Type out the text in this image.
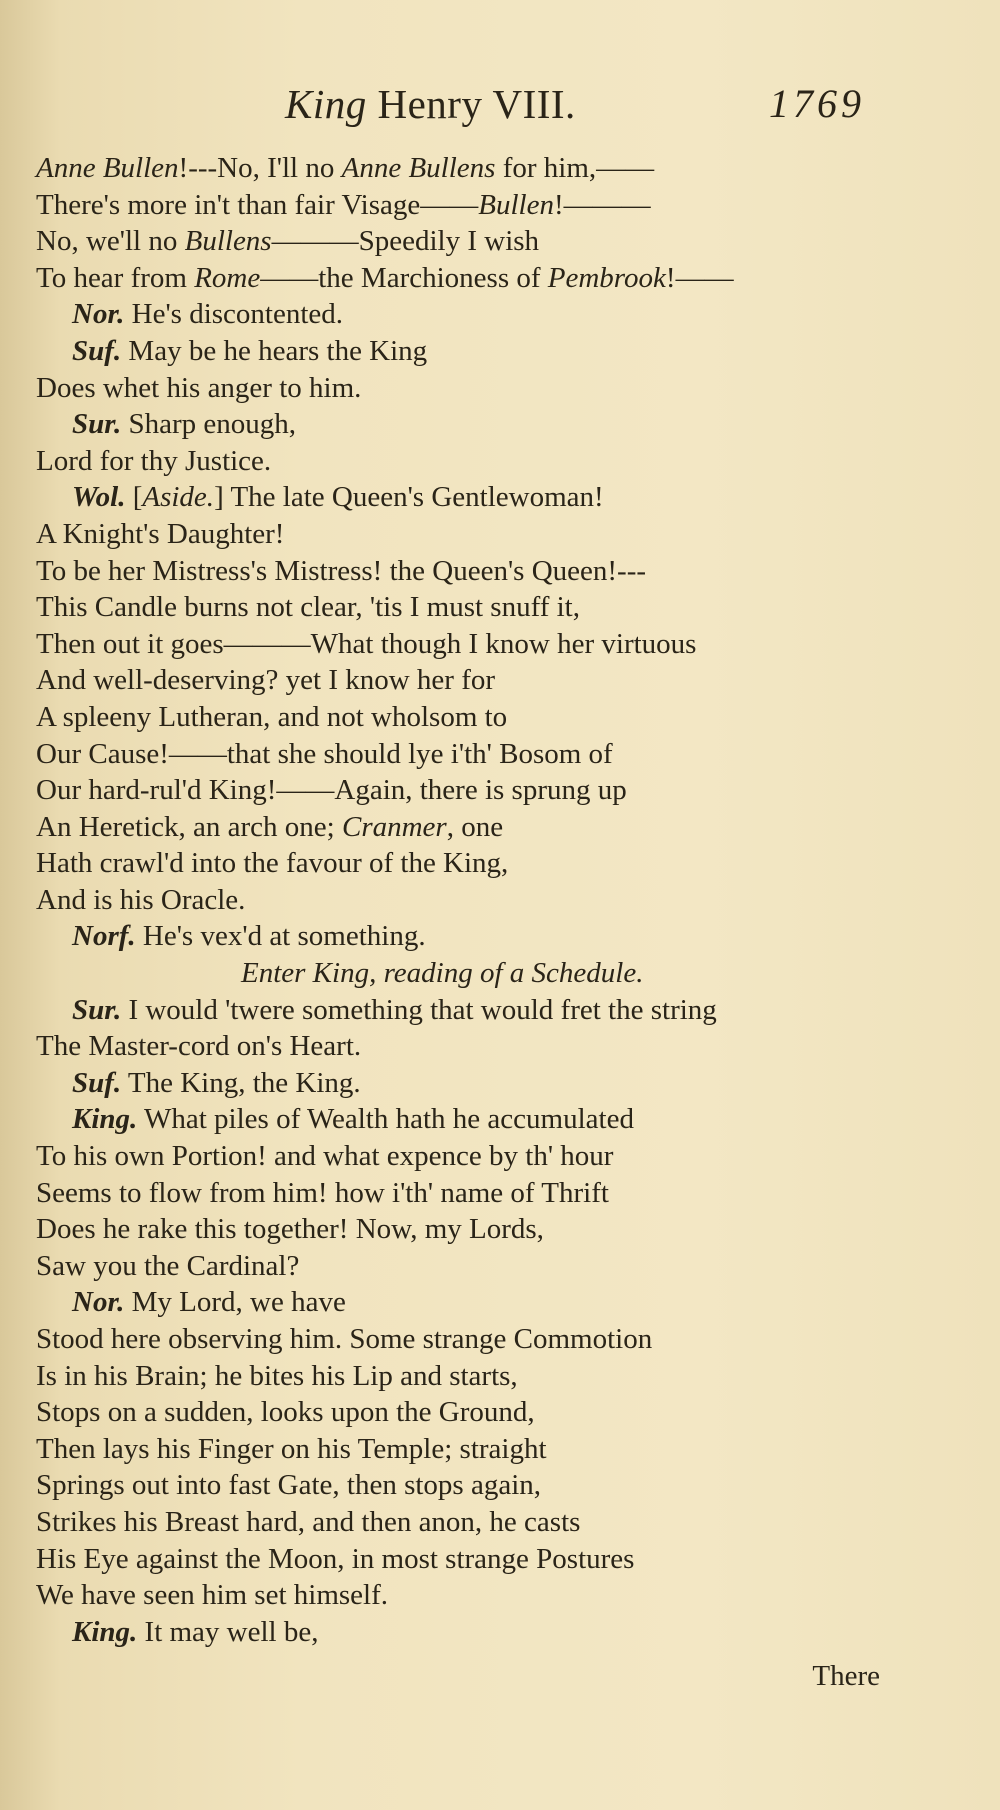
King Henry VIII.	1769
Anne Bullen!---No, I'll no Anne Bullens for him,——
There's more in't than fair Visage——Bullen!———
No, we'll no Bullens———Speedily I wish
To hear from Rome——the Marchioness of Pembrook!——
Nor. He's discontented.
Suf. May be he hears the King
Does whet his anger to him.
Sur. Sharp enough,
Lord for thy Justice.
Wol. [Aside.] The late Queen's Gentlewoman!
A Knight's Daughter!
To be her Mistress's Mistress! the Queen's Queen!---
This Candle burns not clear, 'tis I must snuff it,
Then out it goes———What though I know her virtuous
And well-deserving? yet I know her for
A spleeny Lutheran, and not wholsom to
Our Cause!——that she should lye i'th' Bosom of
Our hard-rul'd King!——Again, there is sprung up
An Heretick, an arch one; Cranmer, one
Hath crawl'd into the favour of the King,
And is his Oracle.
Norf. He's vex'd at something.
Enter King, reading of a Schedule.
Sur. I would 'twere something that would fret the string
The Master-cord on's Heart.
Suf. The King, the King.
King. What piles of Wealth hath he accumulated
To his own Portion! and what expence by th' hour
Seems to flow from him! how i'th' name of Thrift
Does he rake this together! Now, my Lords,
Saw you the Cardinal?
Nor. My Lord, we have
Stood here observing him. Some strange Commotion
Is in his Brain; he bites his Lip and starts,
Stops on a sudden, looks upon the Ground,
Then lays his Finger on his Temple; straight
Springs out into fast Gate, then stops again,
Strikes his Breast hard, and then anon, he casts
His Eye against the Moon, in most strange Postures
We have seen him set himself.
King. It may well be,
There
